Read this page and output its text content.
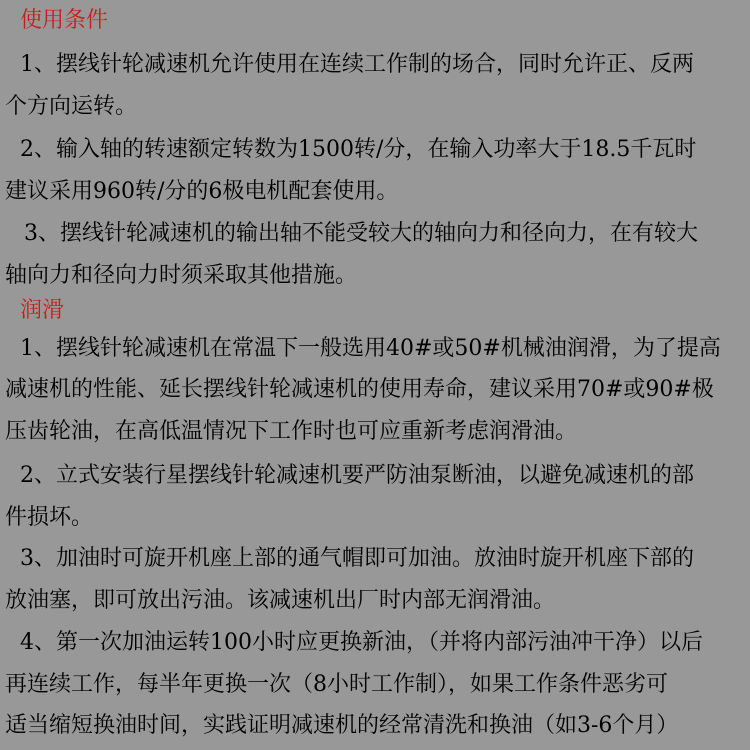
使用条件
1、摆线针轮减速机允许使用在连续工作制的场合，同时允许正、反两
个方向运转。
2、输入轴的转速额定转数为1500转/分，在输入功率大于18.5千瓦时
建议采用960转/分的6极电机配套使用。
3、摆线针轮减速机的输出轴不能受较大的轴向力和径向力，在有较大
轴向力和径向力时须采取其他措施。
润滑
1、摆线针轮减速机在常温下一般选用40#或50#机械油润滑，为了提高
减速机的性能、延长摆线针轮减速机的使用寿命，建议采用70#或90#极
压齿轮油，在高低温情况下工作时也可应重新考虑润滑油。
2、立式安装行星摆线针轮减速机要严防油泵断油，以避免减速机的部
件损坏。
3、加油时可旋开机座上部的通气帽即可加油。放油时旋开机座下部的
放油塞，即可放出污油。该减速机出厂时内部无润滑油。
4、第一次加油运转100小时应更换新油，（并将内部污油冲干净）以后
再连续工作，每半年更换一次（8小时工作制），如果工作条件恶劣可
适当缩短换油时间，实践证明减速机的经常清洗和换油（如3-6个月）
